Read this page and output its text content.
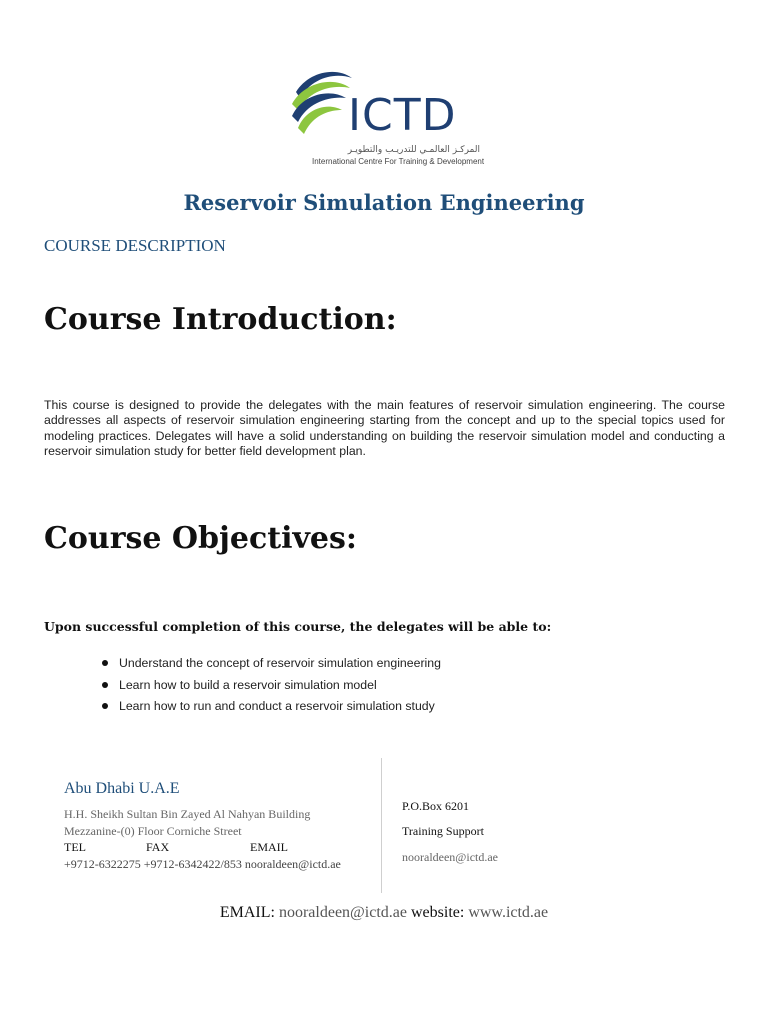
ICTD
المركـز العالمـي للتدريـب والتطويـر
International Centre For Training & Development
Reservoir Simulation Engineering
COURSE DESCRIPTION
Course Introduction:

This course is designed to provide the delegates with the main features of reservoir simulation engineering. The course addresses all aspects of reservoir simulation engineering starting from the concept and up to the special topics used for modeling practices. Delegates will have a solid understanding on building the reservoir simulation model and conducting a reservoir simulation study for better field development plan.

Course Objectives:
Upon successful completion of this course, the delegates will be able to:
Understand the concept of reservoir simulation engineering
Learn how to build a reservoir simulation model
Learn how to run and conduct a reservoir simulation study
Abu Dhabi U.A.E
H.H. Sheikh Sultan Bin Zayed Al Nahyan Building
Mezzanine-(0) Floor Corniche Street
TEL	FAX	EMAIL
+9712-6322275
+9712-6342422/853
nooraldeen@ictd.ae
P.O.Box 6201
Training Support
nooraldeen@ictd.ae
EMAIL: nooraldeen@ictd.ae website: www.ictd.ae
